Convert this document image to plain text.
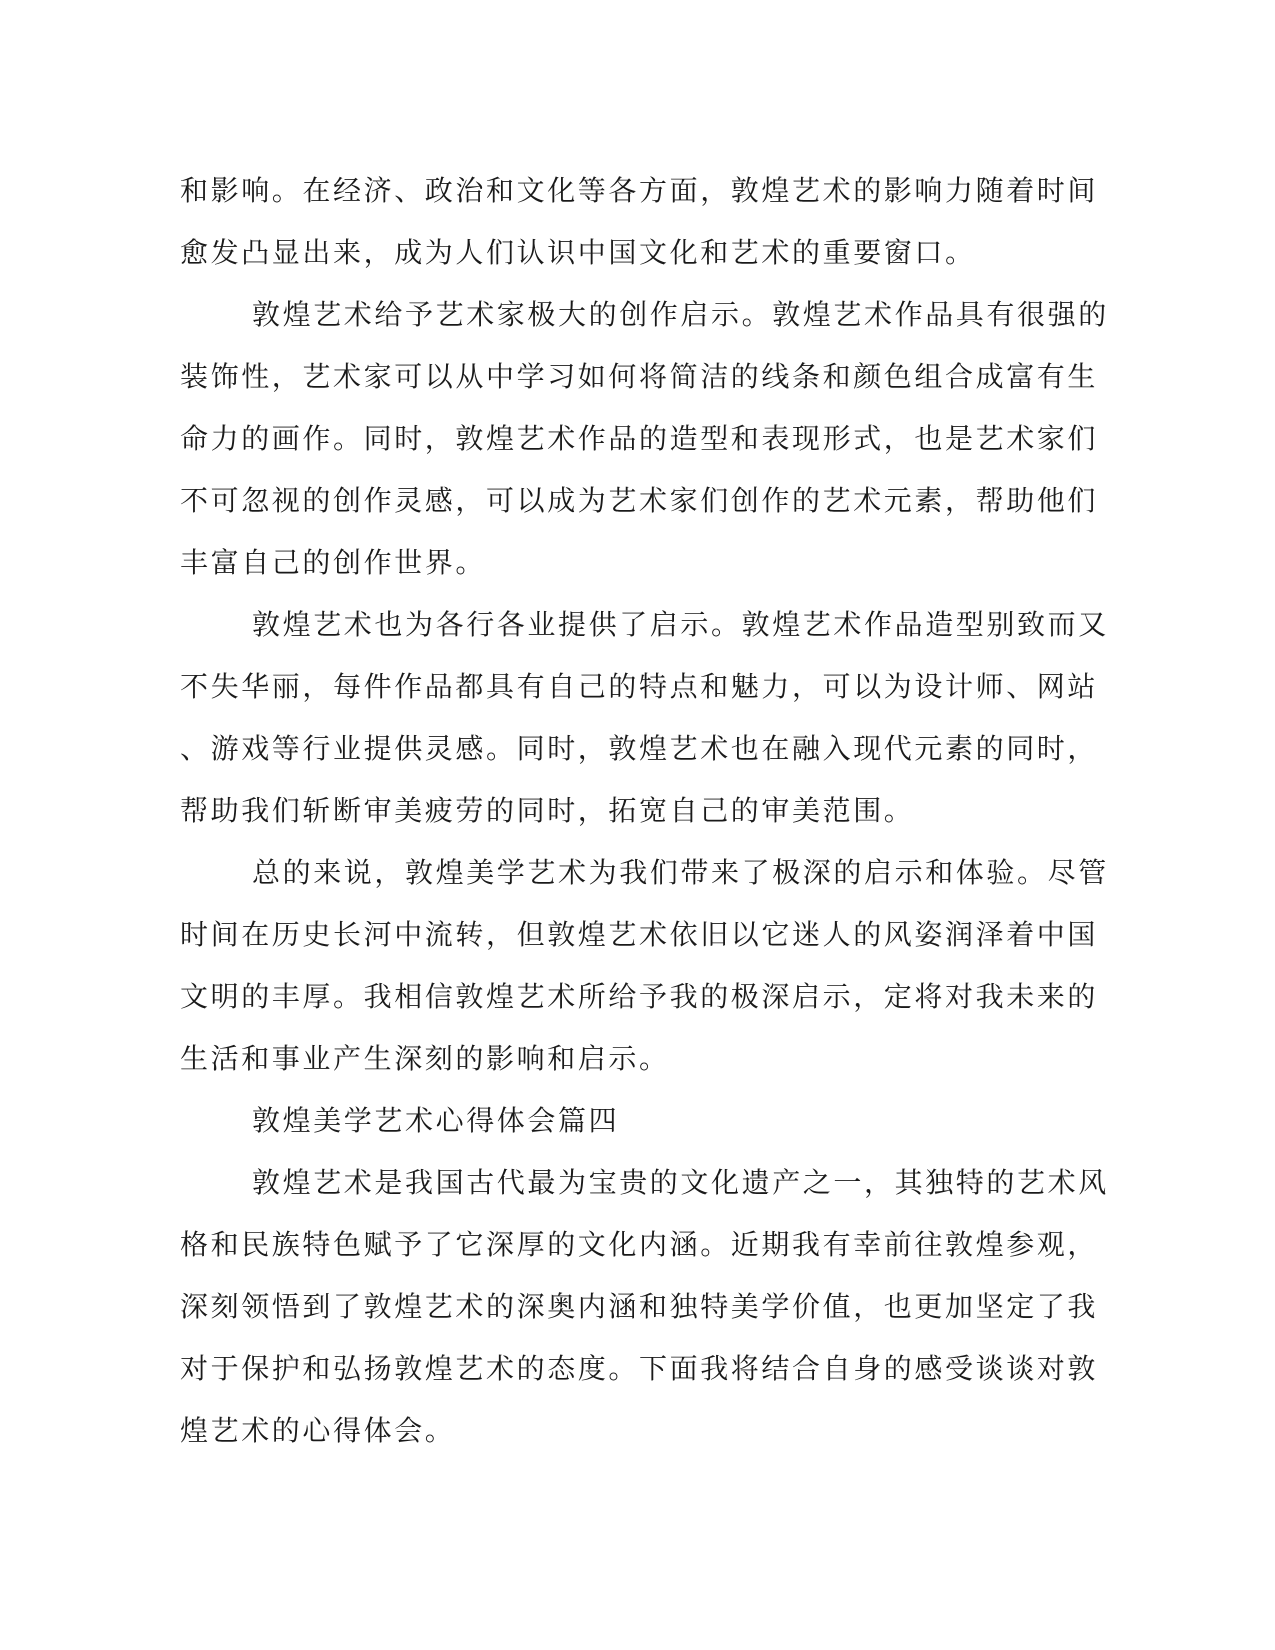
和影响。在经济、政治和文化等各方面，敦煌艺术的影响力随着时间
愈发凸显出来，成为人们认识中国文化和艺术的重要窗口。
敦煌艺术给予艺术家极大的创作启示。敦煌艺术作品具有很强的
装饰性，艺术家可以从中学习如何将简洁的线条和颜色组合成富有生
命力的画作。同时，敦煌艺术作品的造型和表现形式，也是艺术家们
不可忽视的创作灵感，可以成为艺术家们创作的艺术元素，帮助他们
丰富自己的创作世界。
敦煌艺术也为各行各业提供了启示。敦煌艺术作品造型别致而又
不失华丽，每件作品都具有自己的特点和魅力，可以为设计师、网站
、游戏等行业提供灵感。同时，敦煌艺术也在融入现代元素的同时，
帮助我们斩断审美疲劳的同时，拓宽自己的审美范围。
总的来说，敦煌美学艺术为我们带来了极深的启示和体验。尽管
时间在历史长河中流转，但敦煌艺术依旧以它迷人的风姿润泽着中国
文明的丰厚。我相信敦煌艺术所给予我的极深启示，定将对我未来的
生活和事业产生深刻的影响和启示。
敦煌美学艺术心得体会篇四
敦煌艺术是我国古代最为宝贵的文化遗产之一，其独特的艺术风
格和民族特色赋予了它深厚的文化内涵。近期我有幸前往敦煌参观，
深刻领悟到了敦煌艺术的深奥内涵和独特美学价值，也更加坚定了我
对于保护和弘扬敦煌艺术的态度。下面我将结合自身的感受谈谈对敦
煌艺术的心得体会。
